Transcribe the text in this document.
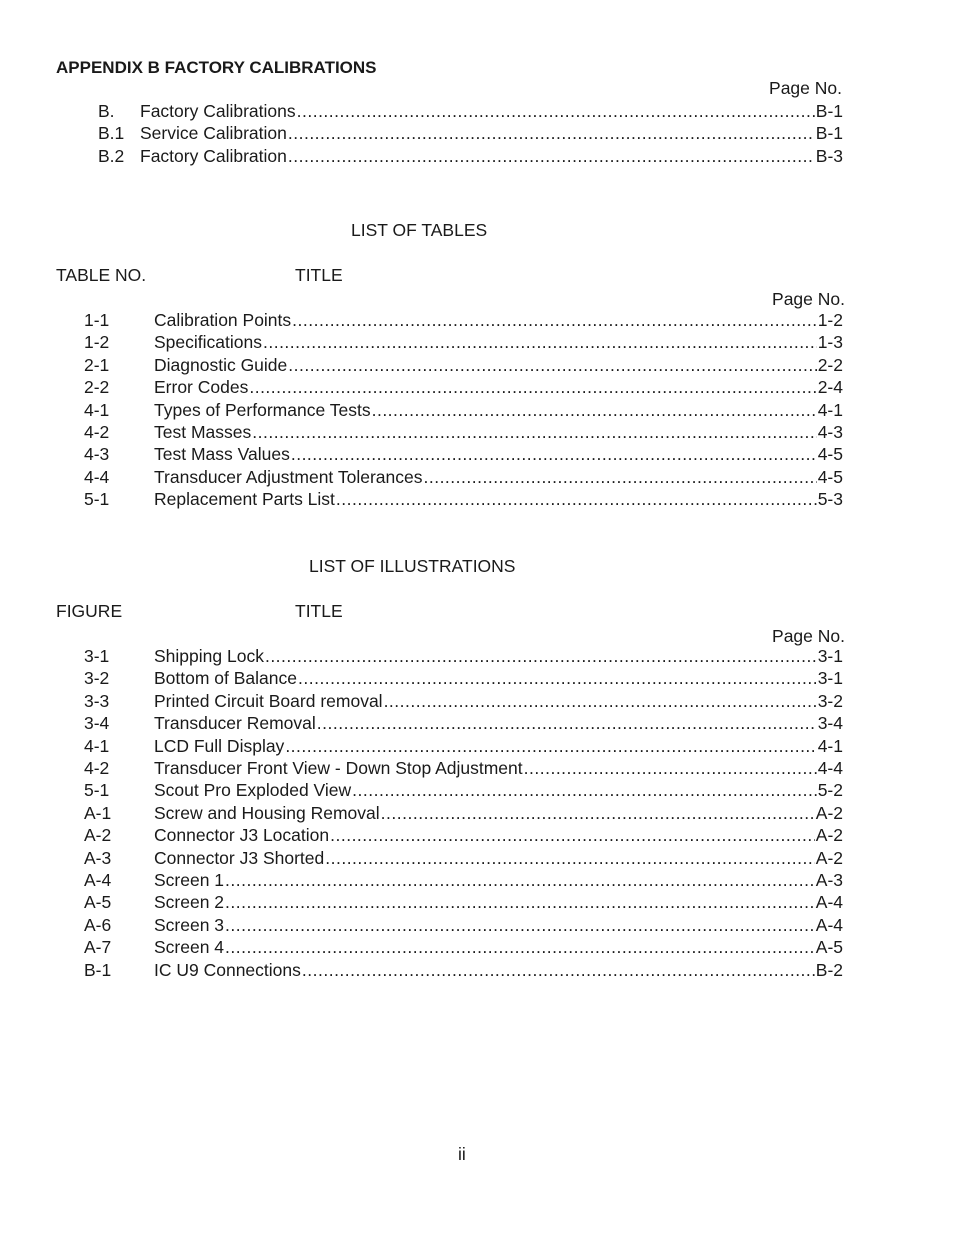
APPENDIX B FACTORY CALIBRATIONS
Page No.
B. Factory Calibrations .....	B-1
B.1 Service Calibration .....	B-1
B.2 Factory Calibration .....	B-3
LIST OF TABLES
TABLE NO.	TITLE
Page No.
1-1	Calibration Points .....	1-2
1-2	Specifications .....	1-3
2-1	Diagnostic Guide .....	2-2
2-2	Error Codes .....	2-4
4-1	Types of Performance Tests .....	4-1
4-2	Test Masses .....	4-3
4-3	Test Mass Values .....	4-5
4-4	Transducer Adjustment Tolerances .....	4-5
5-1	Replacement Parts List .....	5-3
LIST OF ILLUSTRATIONS
FIGURE	TITLE
Page No.
3-1	Shipping Lock .....	3-1
3-2	Bottom of Balance .....	3-1
3-3	Printed Circuit Board removal .....	3-2
3-4	Transducer Removal .....	3-4
4-1	LCD Full Display .....	4-1
4-2	Transducer Front View - Down Stop Adjustment .....	4-4
5-1	Scout Pro Exploded View .....	5-2
A-1 Screw and Housing Removal .....	A-2
A-2 Connector J3 Location .....	A-2
A-3 Connector J3 Shorted .....	A-2
A-4 Screen 1 .....	A-3
A-5 Screen 2 .....	A-4
A-6 Screen 3 .....	A-4
A-7 Screen 4 .....	A-5
B-1 IC U9 Connections .....	B-2
ii
